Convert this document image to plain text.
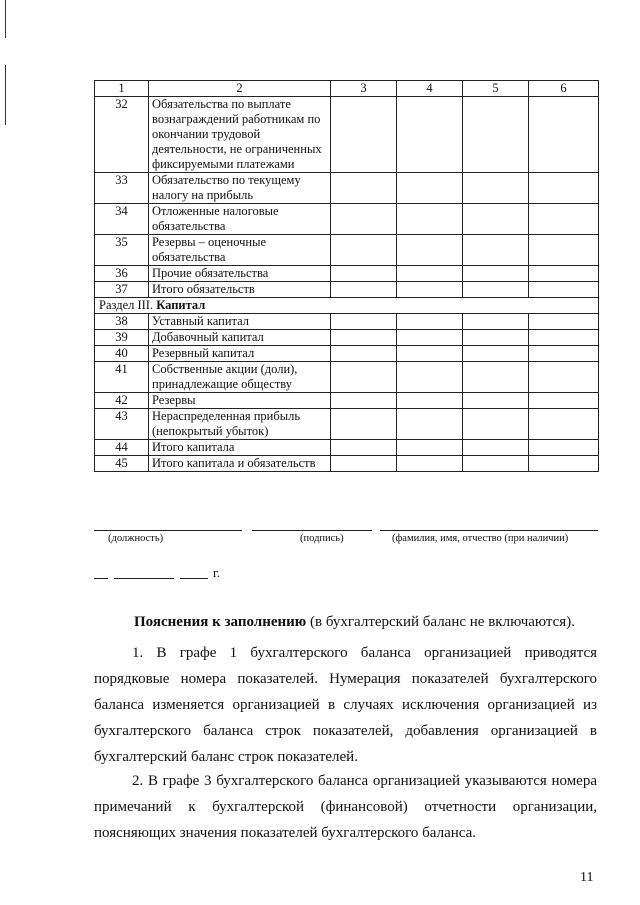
1	2	3	4	5	6
32	Обязательства по выплате вознаграждений работникам по окончании трудовой деятельности, не ограниченных фиксируемыми платежами				
33	Обязательство по текущему налогу на прибыль				
34	Отложенные налоговые обязательства				
35	Резервы – оценочные обязательства				
36	Прочие обязательства				
37	Итого обязательств				
Раздел III. Капитал					
38	Уставный капитал				
39	Добавочный капитал				
40	Резервный капитал				
41	Собственные акции (доли), принадлежащие обществу				
42	Резервы				
43	Нераспределенная прибыль (непокрытый убыток)				
44	Итого капитала				
45	Итого капитала и обязательств				
(должность)	(подпись)	(фамилия, имя, отчество (при наличии)
г.
Пояснения к заполнению (в бухгалтерский баланс не включаются).

1. В графе 1 бухгалтерского баланса организацией приводятся порядковые номера показателей. Нумерация показателей бухгалтерского баланса изменяется организацией в случаях исключения организацией из бухгалтерского баланса строк показателей, добавления организацией в бухгалтерский баланс строк показателей.

2. В графе 3 бухгалтерского баланса организацией указываются номера примечаний к бухгалтерской (финансовой) отчетности организации, поясняющих значения показателей бухгалтерского баланса.

11
